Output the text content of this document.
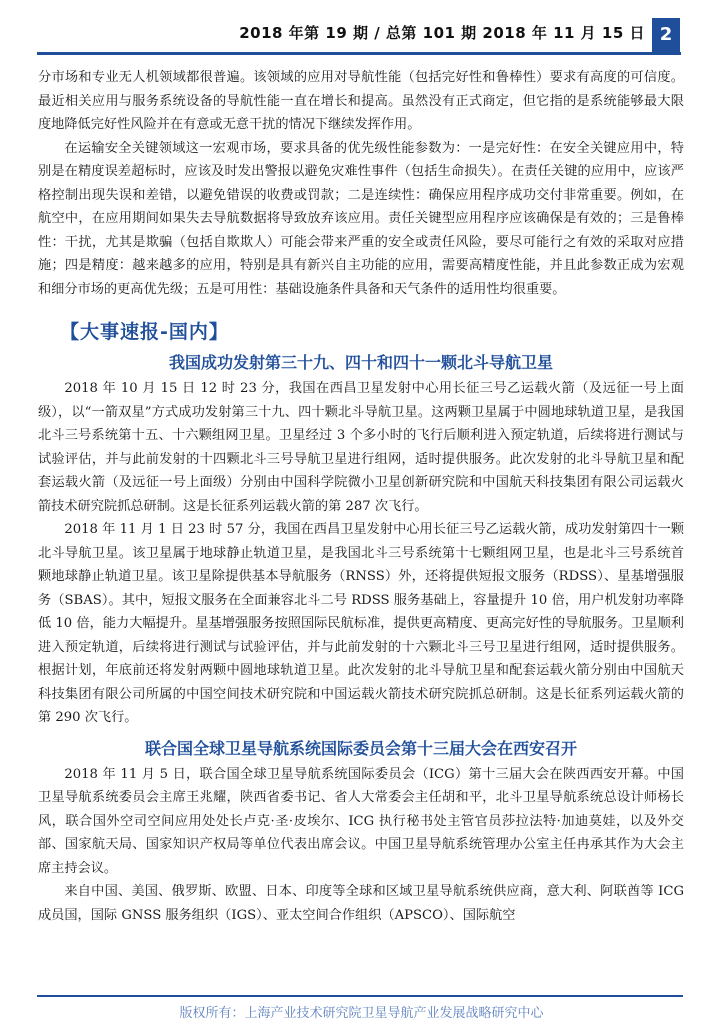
2018 年第 19 期 / 总第 101 期 2018 年 11 月 15 日 2

分市场和专业无人机领域都很普遍。该领域的应用对导航性能（包括完好性和鲁棒性）要求有高度的可信度。最近相关应用与服务系统设备的导航性能一直在增长和提高。虽然没有正式商定，但它指的是系统能够最大限度地降低完好性风险并在有意或无意干扰的情况下继续发挥作用。

在运输安全关键领域这一宏观市场，要求具备的优先级性能参数为：一是完好性：在安全关键应用中，特别是在精度误差超标时，应该及时发出警报以避免灾难性事件（包括生命损失）。在责任关键的应用中，应该严格控制出现失误和差错，以避免错误的收费或罚款；二是连续性：确保应用程序成功交付非常重要。例如，在航空中，在应用期间如果失去导航数据将导致放弃该应用。责任关键型应用程序应该确保是有效的；三是鲁棒性：干扰，尤其是欺骗（包括自欺欺人）可能会带来严重的安全或责任风险，要尽可能行之有效的采取对应措施；四是精度：越来越多的应用，特别是具有新兴自主功能的应用，需要高精度性能，并且此参数正成为宏观和细分市场的更高优先级；五是可用性：基础设施条件具备和天气条件的适用性均很重要。

【大事速报-国内】
我国成功发射第三十九、四十和四十一颗北斗导航卫星

2018 年 10 月 15 日 12 时 23 分，我国在西昌卫星发射中心用长征三号乙运载火箭（及远征一号上面级），以“一箭双星”方式成功发射第三十九、四十颗北斗导航卫星。这两颗卫星属于中圆地球轨道卫星，是我国北斗三号系统第十五、十六颗组网卫星。卫星经过 3 个多小时的飞行后顺利进入预定轨道，后续将进行测试与试验评估，并与此前发射的十四颗北斗三号导航卫星进行组网，适时提供服务。此次发射的北斗导航卫星和配套运载火箭（及远征一号上面级）分别由中国科学院微小卫星创新研究院和中国航天科技集团有限公司运载火箭技术研究院抓总研制。这是长征系列运载火箭的第 287 次飞行。

2018 年 11 月 1 日 23 时 57 分，我国在西昌卫星发射中心用长征三号乙运载火箭，成功发射第四十一颗北斗导航卫星。该卫星属于地球静止轨道卫星，是我国北斗三号系统第十七颗组网卫星，也是北斗三号系统首颗地球静止轨道卫星。该卫星除提供基本导航服务（RNSS）外，还将提供短报文服务（RDSS）、星基增强服务（SBAS）。其中，短报文服务在全面兼容北斗二号 RDSS 服务基础上，容量提升 10 倍，用户机发射功率降低 10 倍，能力大幅提升。星基增强服务按照国际民航标准，提供更高精度、更高完好性的导航服务。卫星顺利进入预定轨道，后续将进行测试与试验评估，并与此前发射的十六颗北斗三号卫星进行组网，适时提供服务。根据计划，年底前还将发射两颗中圆地球轨道卫星。此次发射的北斗导航卫星和配套运载火箭分别由中国航天科技集团有限公司所属的中国空间技术研究院和中国运载火箭技术研究院抓总研制。这是长征系列运载火箭的第 290 次飞行。

联合国全球卫星导航系统国际委员会第十三届大会在西安召开

2018 年 11 月 5 日，联合国全球卫星导航系统国际委员会（ICG）第十三届大会在陕西西安开幕。中国卫星导航系统委员会主席王兆耀，陕西省委书记、省人大常委会主任胡和平，北斗卫星导航系统总设计师杨长风，联合国外空司空间应用处处长卢克·圣·皮埃尔、ICG 执行秘书处主管官员莎拉法特·加迪莫娃，以及外交部、国家航天局、国家知识产权局等单位代表出席会议。中国卫星导航系统管理办公室主任冉承其作为大会主席主持会议。

来自中国、美国、俄罗斯、欧盟、日本、印度等全球和区域卫星导航系统供应商，意大利、阿联酋等 ICG 成员国，国际 GNSS 服务组织（IGS）、亚太空间合作组织（APSCO）、国际航空

版权所有：上海产业技术研究院卫星导航产业发展战略研究中心
